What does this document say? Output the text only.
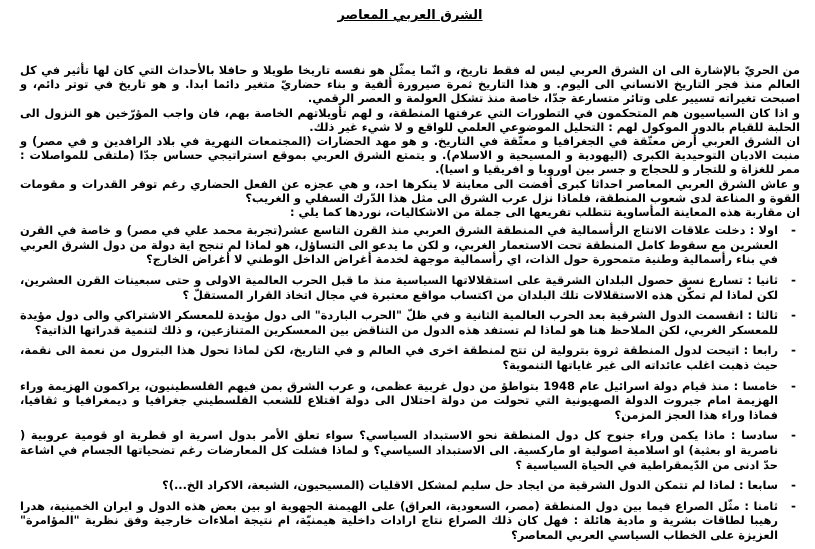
الشرق العربي المعاصر

من الحريّ بالإشارة الى ان الشرق العربي ليس له فقط تاريخ، و انّما يمثّل هو نفسه تاريخا طويلا و حافلا بالأحداث التي كان لها تأثير في كل العالم منذ فجر التاريخ الانساني الى اليوم. و هذا التاريخ ثمرة صيرورة ألفية و بناء حضاريّ متغير دائما ابدا. و هو تاريخ في توتر دائم، و اصبحت تغيراته تسيير على وتائر متسارعة جدّا، خاصة منذ تشكل العولمة و العصر الرقمي.

و اذا كان السياسيون هم المتحكمون في التطورات التي عرفتها المنطقة، و لهم تأويلاتهم الخاصة بهم، فان واجب المؤرّخين هو النزول الى الحلبة للقيام بالدور الموكول لهم : التحليل الموضوعي العلمي للواقع و لا شيء غير ذلك.

ان الشرق العربي أرض معتّقة في الجغرافيا و معتّقة في التاريخ. و هو مهد الحضارات (المجتمعات النهرية في بلاد الرافدين و في مصر) و منبت الاديان التوحيدية الكبرى (اليهودية و المسيحية و الاسلام). و يتمتع الشرق العربي بموقع استراتيجي حساس جدّا (ملتقى للمواصلات : ممر للغزاة و للتجار و للحجاج و جسر بين اوروبا و افريقيا و اسيا).

و عاش الشرق العربي المعاصر احداثا كبرى أفضت الى معاينة لا ينكرها احد، و هي عجزه عن الفعل الحضاري رغم توفر القدرات و مقومات القوة و المناعة لدى شعوب المنطقة، فلماذا نزل عرب الشرق الى مثل هذا الدّرك السفلي و الغريب؟

ان مقاربة هذه المعاينة المأساوية تتطلب تفريعها الى جملة من الاشكاليات، نوردها كما يلي :

-
اولا : دخلت علاقات الانتاج الرأسمالية في المنطقة الشرق العربي منذ القرن التاسع عشر(تجربة محمد علي في مصر) و خاصة في القرن العشرين مع سقوط كامل المنطقة تحت الاستعمار الغربي، و لكن ما يدعو الى التساؤل، هو لماذا لم تنجح اية دولة من دول الشرق العربي في بناء رأسمالية وطنية متمحورة حول الذات، اي رأسمالية موجهة لخدمة أغراض الداخل الوطني لا أغراض الخارج؟
-
ثانيا : تسارع نسق حصول البلدان الشرقية على استقلالاتها السياسية منذ ما قبل الحرب العالمية الاولى و حتى سبعينات القرن العشرين، لكن لماذا لم تمكّن هذه الاستقلالات تلك البلدان من اكتساب مواقع معتبرة في مجال اتخاذ القرار المستقلّ ؟
-
ثالثا : انقسمت الدول الشرقية بعد الحرب العالمية الثانية و في ظلّ "الحرب الباردة" الى دول مؤيدة للمعسكر الاشتراكي والى دول مؤيدة للمعسكر الغربي، لكن الملاحظ هنا هو لماذا لم تستفد هذه الدول من التناقض بين المعسكرين المتنازعين، و ذلك لتنمية قدراتها الذاتية؟
-
رابعا : اتيحت لدول المنطقة ثروة بترولية لن تتح لمنطقة اخرى في العالم و في التاريخ، لكن لماذا تحول هذا البترول من نعمة الى نقمة، حيث ذهبت اغلب عائداته الى غير غاياتها التنموية؟
-
خامسا : منذ قيام دولة اسرائيل عام 1948 بتواطؤ من دول غربية عظمى، و عرب الشرق بمن فيهم الفلسطينيون، يراكمون الهزيمة وراء الهزيمة امام جبروت الدولة الصهيونية التي تحولت من دولة احتلال الى دولة اقتلاع للشعب الفلسطيني جغرافيا و ديمغرافيا و ثقافيا، فماذا وراء هذا العجز المزمن؟
-
سادسا : ماذا يكمن وراء جنوح كل دول المنطقة نحو الاستبداد السياسي؟ سواء تعلق الأمر بدول اسرية او قطرية او قومية عروبية ( ناصرية او بعثية) او اسلامية اصولية او ماركسية. الى الاستبداد السياسي؟ و لماذا فشلت كل المعارضات رغم تضحياتها الجسام في اشاعة حدّ ادنى من الدّيمقراطية في الحياة السياسية ؟
-
سابعا : لماذا لم تتمكن الدول الشرقية من ايجاد حل سليم لمشكل الاقليات (المسيحيون، الشيعة، الاكراد الخ...)؟
-
ثامنا : مثّل الصراع فيما بين دول المنطقة (مصر، السعودية، العراق) على الهيمنة الجهوية او بين بعض هذه الدول و ايران الخمينية، هدرا رهيبا لطاقات بشرية و مادية هائلة : فهل كان ذلك الصراع نتاج ارادات داخلية هيمنيّة، ام نتيجة املاءات خارجية وفق نظرية "المؤامرة" العزيزة على الخطاب السياسي العربي المعاصر؟
